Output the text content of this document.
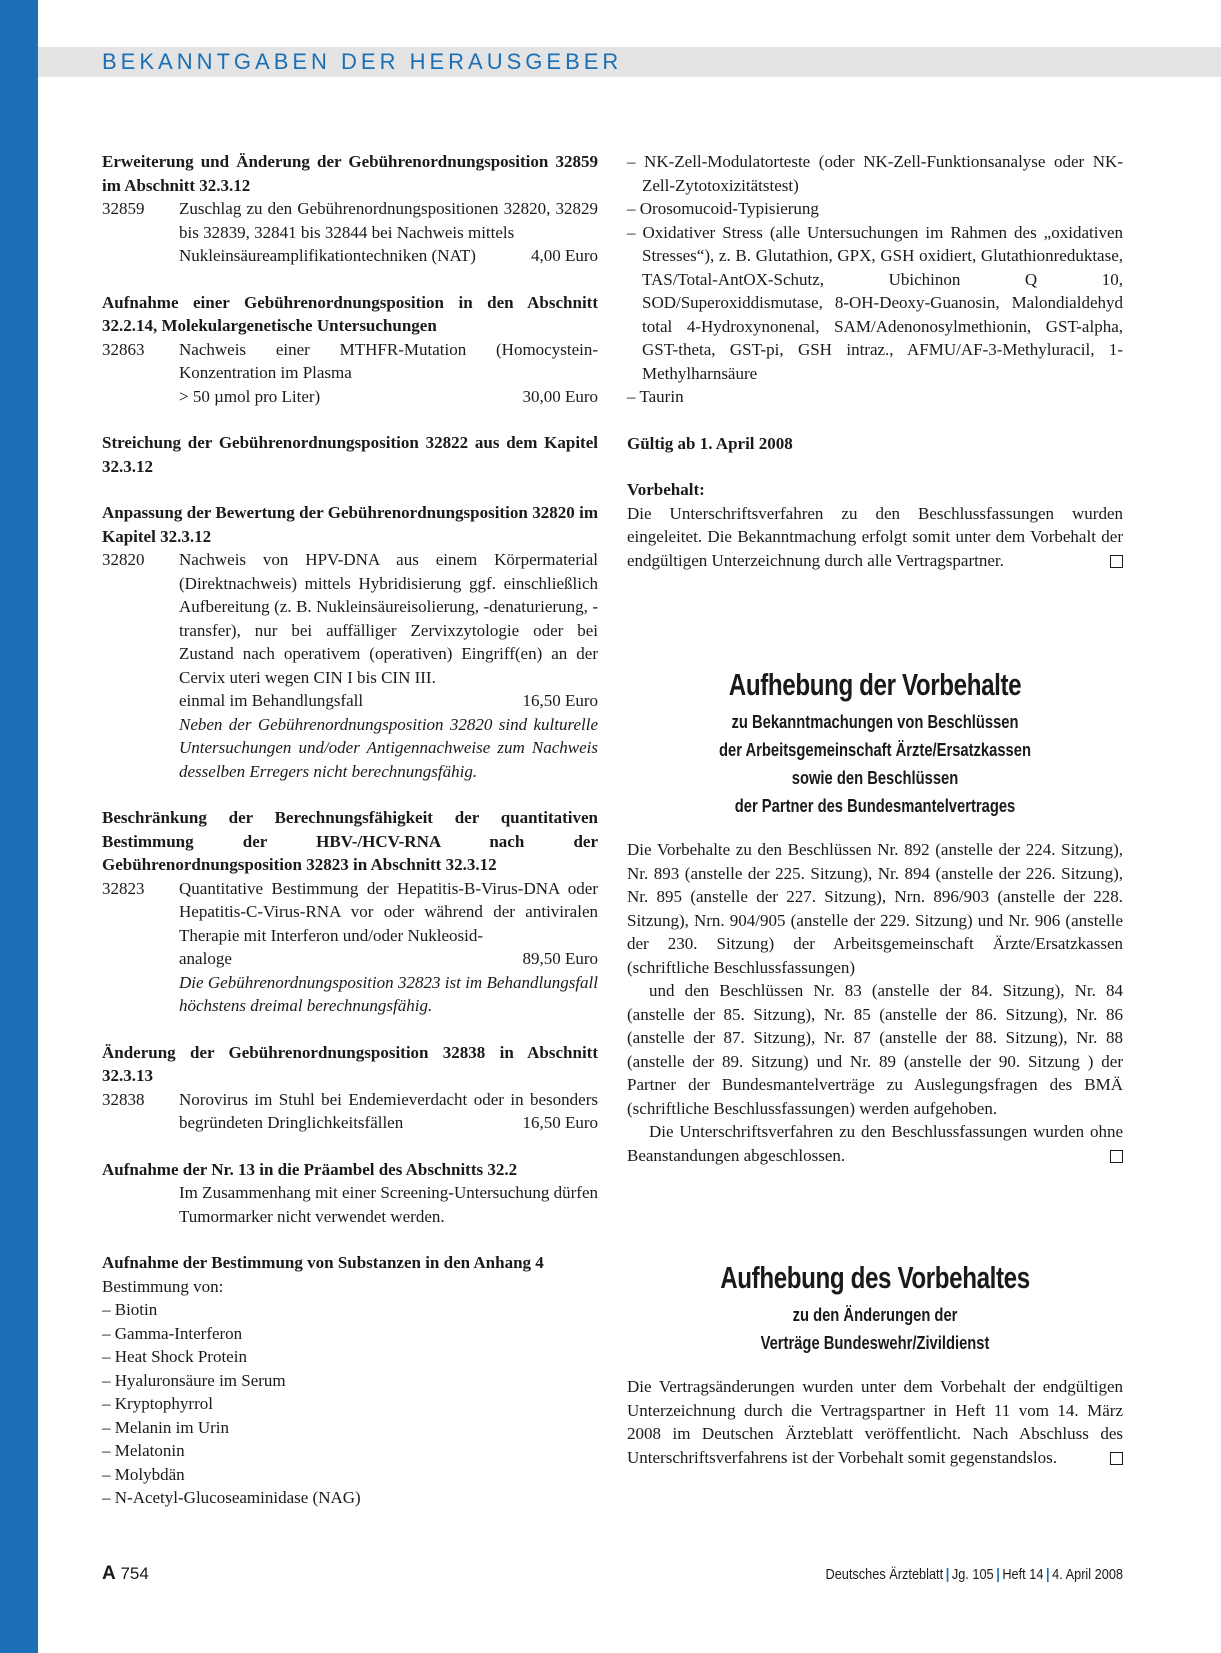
BEKANNTGABEN DER HERAUSGEBER
Erweiterung und Änderung der Gebührenordnungsposition 32859 im Abschnitt 32.3.12
32859	Zuschlag zu den Gebührenordnungspositionen 32820, 32829 bis 32839, 32841 bis 32844 bei Nachweis mittels
Nukleinsäureamplifikationtechniken (NAT)	4,00 Euro
Aufnahme einer Gebührenordnungsposition in den Abschnitt 32.2.14, Molekulargenetische Untersuchungen
32863	Nachweis einer MTHFR-Mutation (Homocystein-Konzentration im Plasma
> 50 µmol pro Liter)	30,00 Euro
Streichung der Gebührenordnungsposition 32822 aus dem Kapitel 32.3.12
Anpassung der Bewertung der Gebührenordnungsposition 32820 im Kapitel 32.3.12
32820	Nachweis von HPV-DNA aus einem Körpermaterial (Direktnachweis) mittels Hybridisierung ggf. einschließlich Aufbereitung (z. B. Nukleinsäureisolierung, -denaturierung, -transfer), nur bei auffälliger Zervixzytologie oder bei Zustand nach operativem (operativen) Eingriff(en) an der Cervix uteri wegen CIN I bis CIN III.
einmal im Behandlungsfall	16,50 Euro
Neben der Gebührenordnungsposition 32820 sind kulturelle Untersuchungen und/oder Antigennachweise zum Nachweis desselben Erregers nicht berechnungsfähig.
Beschränkung der Berechnungsfähigkeit der quantitativen Bestimmung der HBV-/HCV-RNA nach der Gebührenordnungsposition 32823 in Abschnitt 32.3.12
32823	Quantitative Bestimmung der Hepatitis-B-Virus-DNA oder Hepatitis-C-Virus-RNA vor oder während der antiviralen Therapie mit Interferon und/oder Nukleosid-
analoge	89,50 Euro
Die Gebührenordnungsposition 32823 ist im Behandlungsfall höchstens dreimal berechnungsfähig.
Änderung der Gebührenordnungsposition 32838 in Abschnitt 32.3.13
32838	Norovirus im Stuhl bei Endemieverdacht oder in besonders begründeten Dringlichkeitsfällen	16,50 Euro
Aufnahme der Nr. 13 in die Präambel des Abschnitts 32.2
Im Zusammenhang mit einer Screening-Untersuchung dürfen Tumormarker nicht verwendet werden.
Aufnahme der Bestimmung von Substanzen in den Anhang 4
Bestimmung von:
– Biotin
– Gamma-Interferon
– Heat Shock Protein
– Hyaluronsäure im Serum
– Kryptophyrrol
– Melanin im Urin
– Melatonin
– Molybdän
– N-Acetyl-Glucoseaminidase (NAG)
– NK-Zell-Modulatorteste (oder NK-Zell-Funktionsanalyse oder NK-Zell-Zytotoxizitätstest)
– Orosomucoid-Typisierung
– Oxidativer Stress (alle Untersuchungen im Rahmen des „oxidativen Stresses“), z. B. Glutathion, GPX, GSH oxidiert, Glutathionreduktase, TAS/Total-AntOX-Schutz, Ubichinon Q 10, SOD/Superoxiddismutase, 8-OH-Deoxy-Guanosin, Malondialdehyd total 4-Hydroxynonenal, SAM/Adenonosylmethionin, GST-alpha, GST-theta, GST-pi, GSH intraz., AFMU/AF-3-Methyluracil, 1-Methylharnsäure
– Taurin
Gültig ab 1. April 2008
Vorbehalt:
Die Unterschriftsverfahren zu den Beschlussfassungen wurden eingeleitet. Die Bekanntmachung erfolgt somit unter dem Vorbehalt der endgültigen Unterzeichnung durch alle Vertragspartner.
Aufhebung der Vorbehalte
zu Bekanntmachungen von Beschlüssen
der Arbeitsgemeinschaft Ärzte/Ersatzkassen
sowie den Beschlüssen
der Partner des Bundesmantelvertrages
Die Vorbehalte zu den Beschlüssen Nr. 892 (anstelle der 224. Sitzung), Nr. 893 (anstelle der 225. Sitzung), Nr. 894 (anstelle der 226. Sitzung), Nr. 895 (anstelle der 227. Sitzung), Nrn. 896/903 (anstelle der 228. Sitzung), Nrn. 904/905 (anstelle der 229. Sitzung) und Nr. 906 (anstelle der 230. Sitzung) der Arbeitsgemeinschaft Ärzte/Ersatzkassen (schriftliche Beschlussfassungen)
und den Beschlüssen Nr. 83 (anstelle der 84. Sitzung), Nr. 84 (anstelle der 85. Sitzung), Nr. 85 (anstelle der 86. Sitzung), Nr. 86 (anstelle der 87. Sitzung), Nr. 87 (anstelle der 88. Sitzung), Nr. 88 (anstelle der 89. Sitzung) und Nr. 89 (anstelle der 90. Sitzung ) der Partner der Bundesmantelverträge zu Auslegungsfragen des BMÄ (schriftliche Beschlussfassungen) werden aufgehoben.
Die Unterschriftsverfahren zu den Beschlussfassungen wurden ohne Beanstandungen abgeschlossen.
Aufhebung des Vorbehaltes
zu den Änderungen der
Verträge Bundeswehr/Zivildienst
Die Vertragsänderungen wurden unter dem Vorbehalt der endgültigen Unterzeichnung durch die Vertragspartner in Heft 11 vom 14. März 2008 im Deutschen Ärzteblatt veröffentlicht. Nach Abschluss des Unterschriftsverfahrens ist der Vorbehalt somit gegenstandslos.
A 754	Deutsches Ärzteblatt | Jg. 105 | Heft 14 | 4. April 2008
